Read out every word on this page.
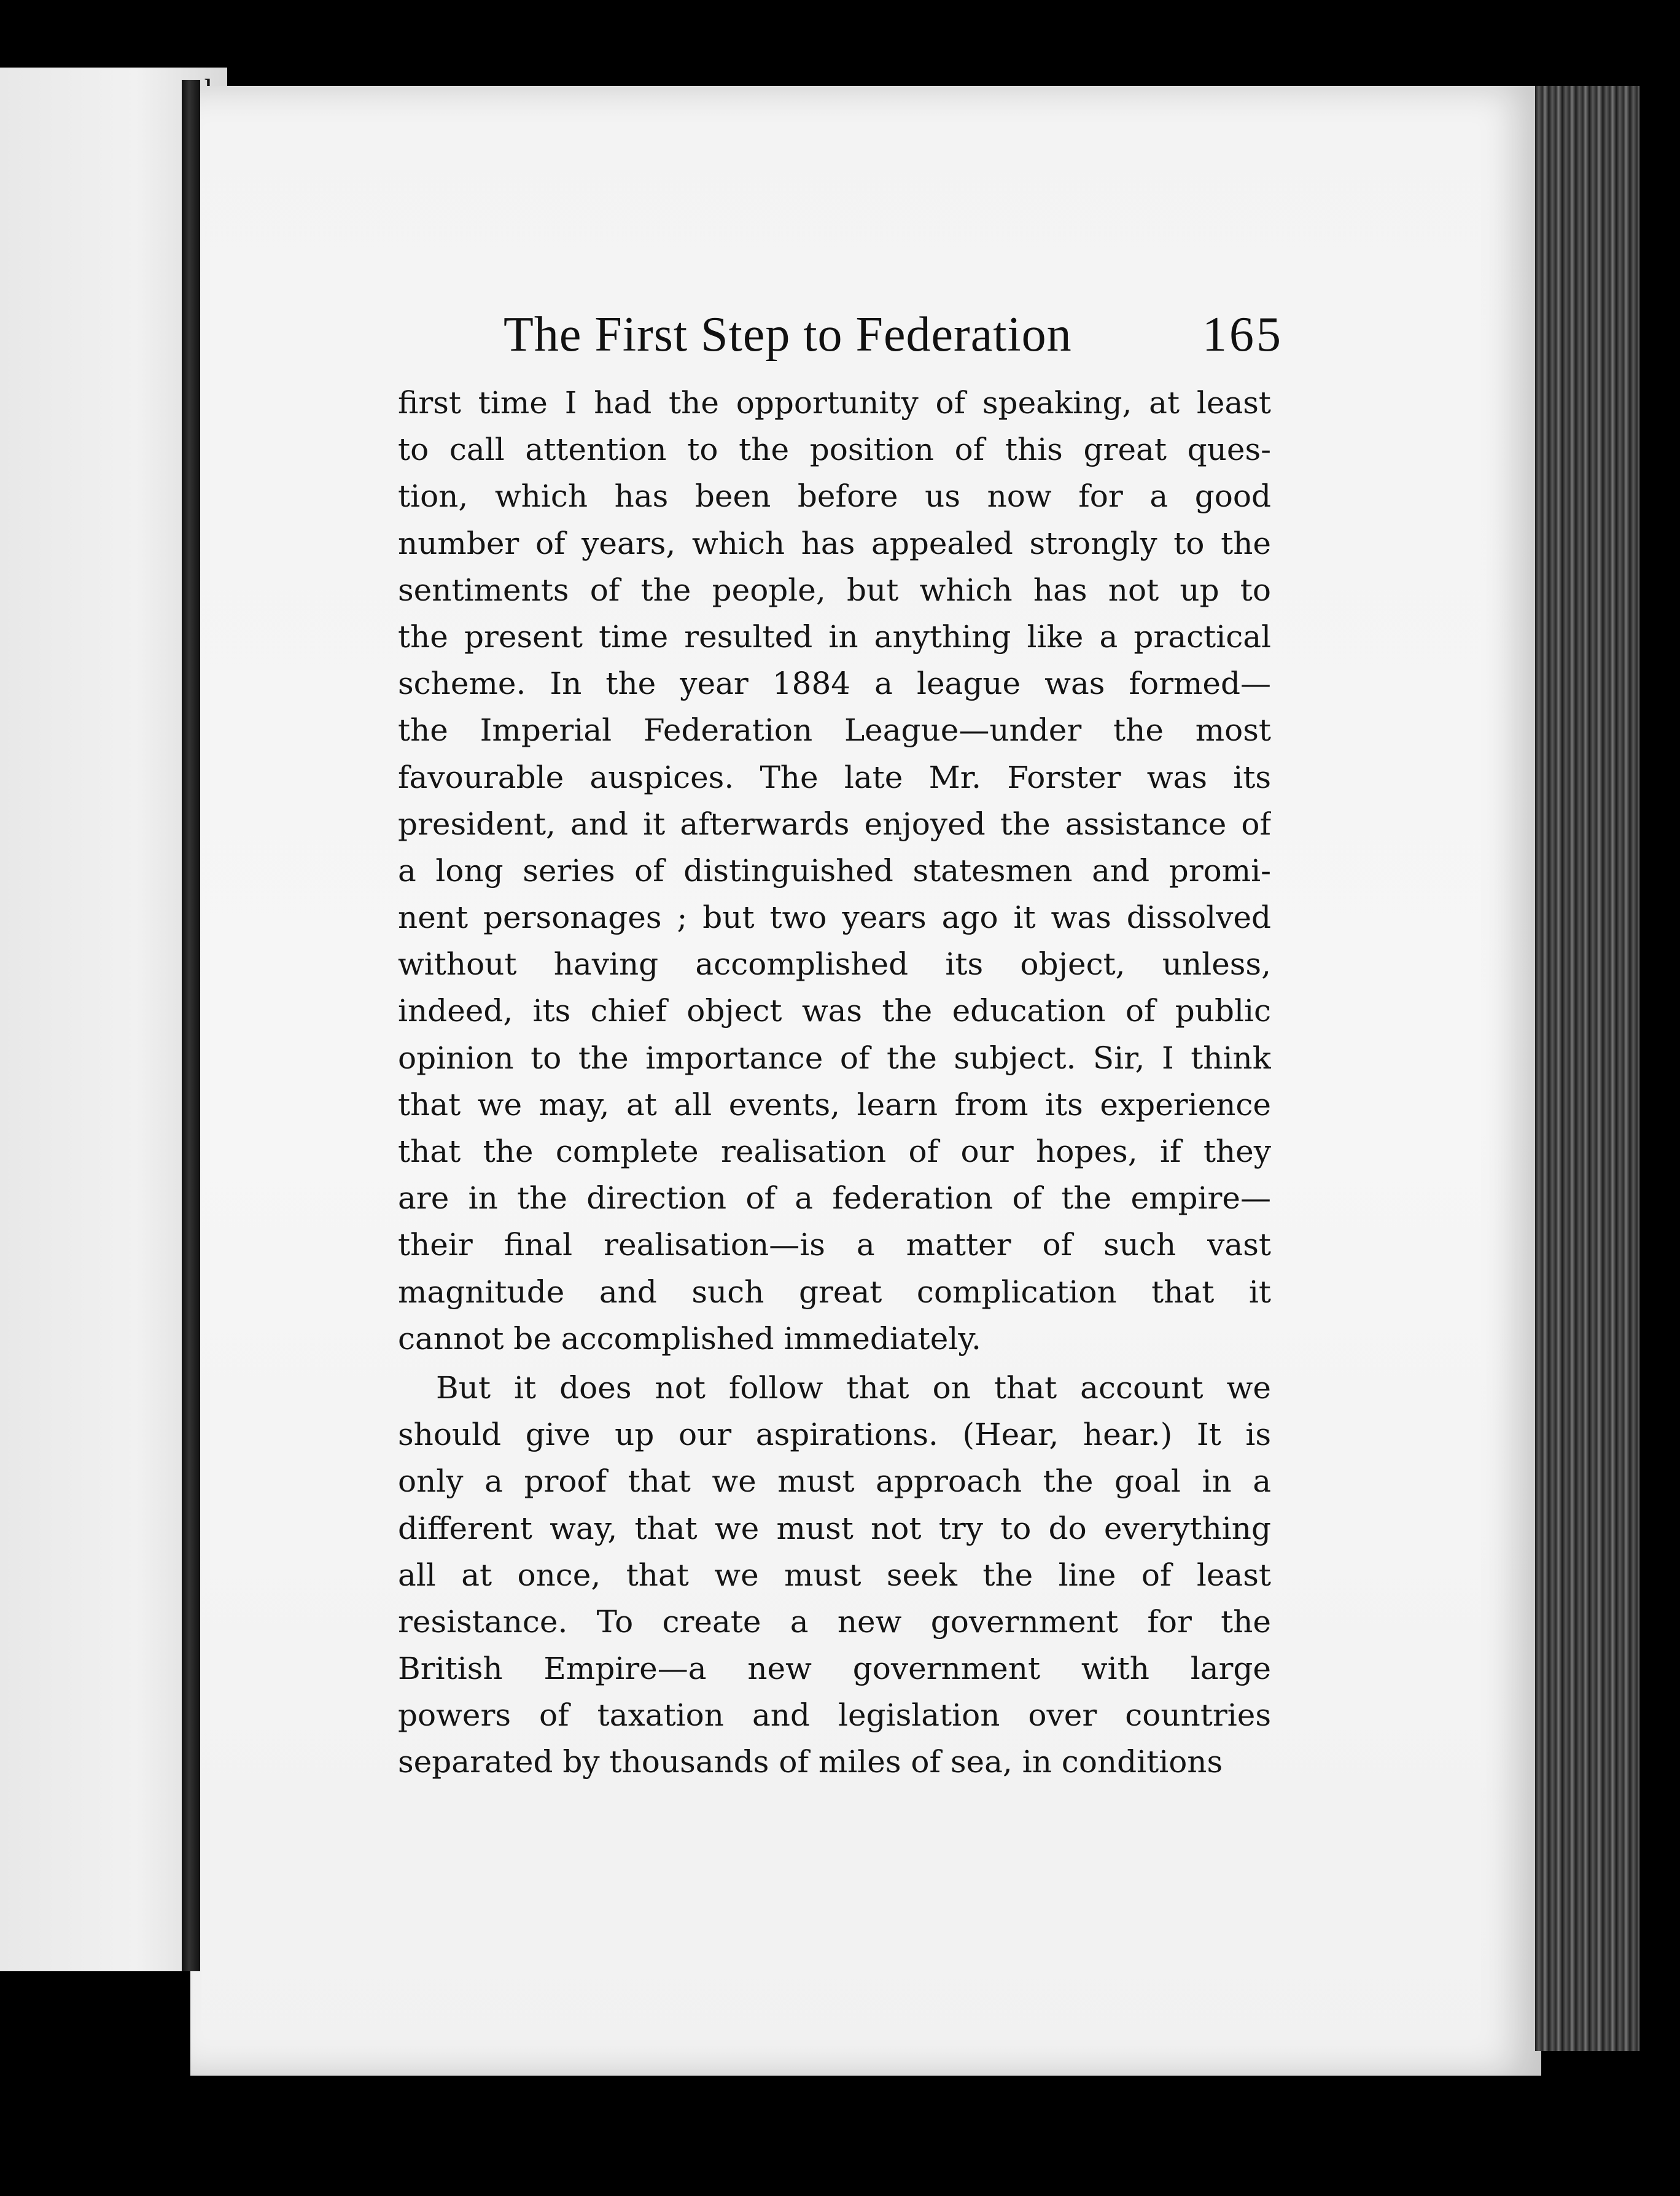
The First Step to Federation	165
first time I had the opportunity of speaking, at least
to call attention to the position of this great ques-
tion, which has been before us now for a good
number of years, which has appealed strongly to the
sentiments of the people, but which has not up to
the present time resulted in anything like a practical
scheme. In the year 1884 a league was formed—
the Imperial Federation League—under the most
favourable auspices. The late Mr. Forster was its
president, and it afterwards enjoyed the assistance of
a long series of distinguished statesmen and promi-
nent personages ; but two years ago it was dissolved
without having accomplished its object, unless,
indeed, its chief object was the education of public
opinion to the importance of the subject. Sir, I think
that we may, at all events, learn from its experience
that the complete realisation of our hopes, if they
are in the direction of a federation of the empire—
their final realisation—is a matter of such vast
magnitude and such great complication that it
cannot be accomplished immediately.
But it does not follow that on that account we
should give up our aspirations. (Hear, hear.) It is
only a proof that we must approach the goal in a
different way, that we must not try to do everything
all at once, that we must seek the line of least
resistance. To create a new government for the
British Empire—a new government with large
powers of taxation and legislation over countries
separated by thousands of miles of sea, in conditions
